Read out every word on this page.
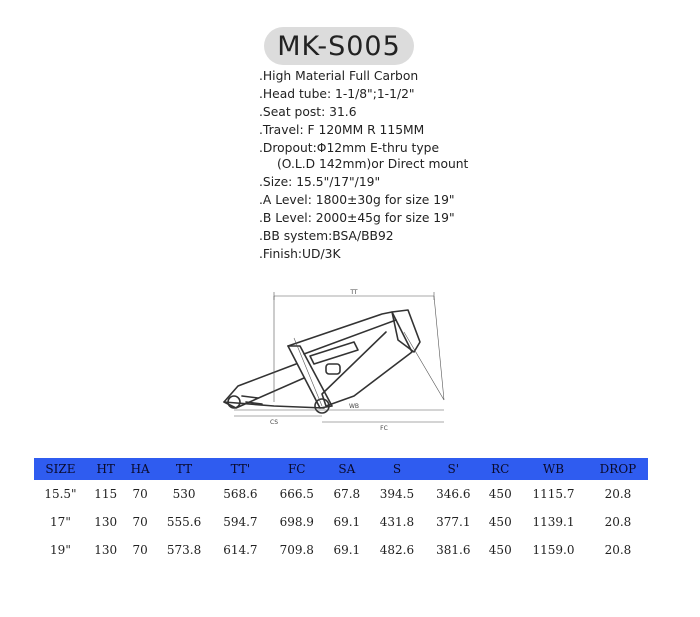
MK-S005
.High Material Full Carbon
.Head tube: 1-1/8";1-1/2"
.Seat post: 31.6
.Travel: F 120MM R 115MM
.Dropout:Φ12mm E-thru type
(O.L.D 142mm)or Direct mount
.Size: 15.5"/17"/19"
.A Level: 1800±30g for size 19"
.B Level: 2000±45g for size 19"
.BB system:BSA/BB92
.Finish:UD/3K
TT
WB
FC
CS
SIZE	HT	HA	TT	TT'	FC	SA	S	S'	RC	WB	DROP
15.5"	115	70	530	568.6	666.5	67.8	394.5	346.6	450	1115.7	20.8
17"	130	70	555.6	594.7	698.9	69.1	431.8	377.1	450	1139.1	20.8
19"	130	70	573.8	614.7	709.8	69.1	482.6	381.6	450	1159.0	20.8
